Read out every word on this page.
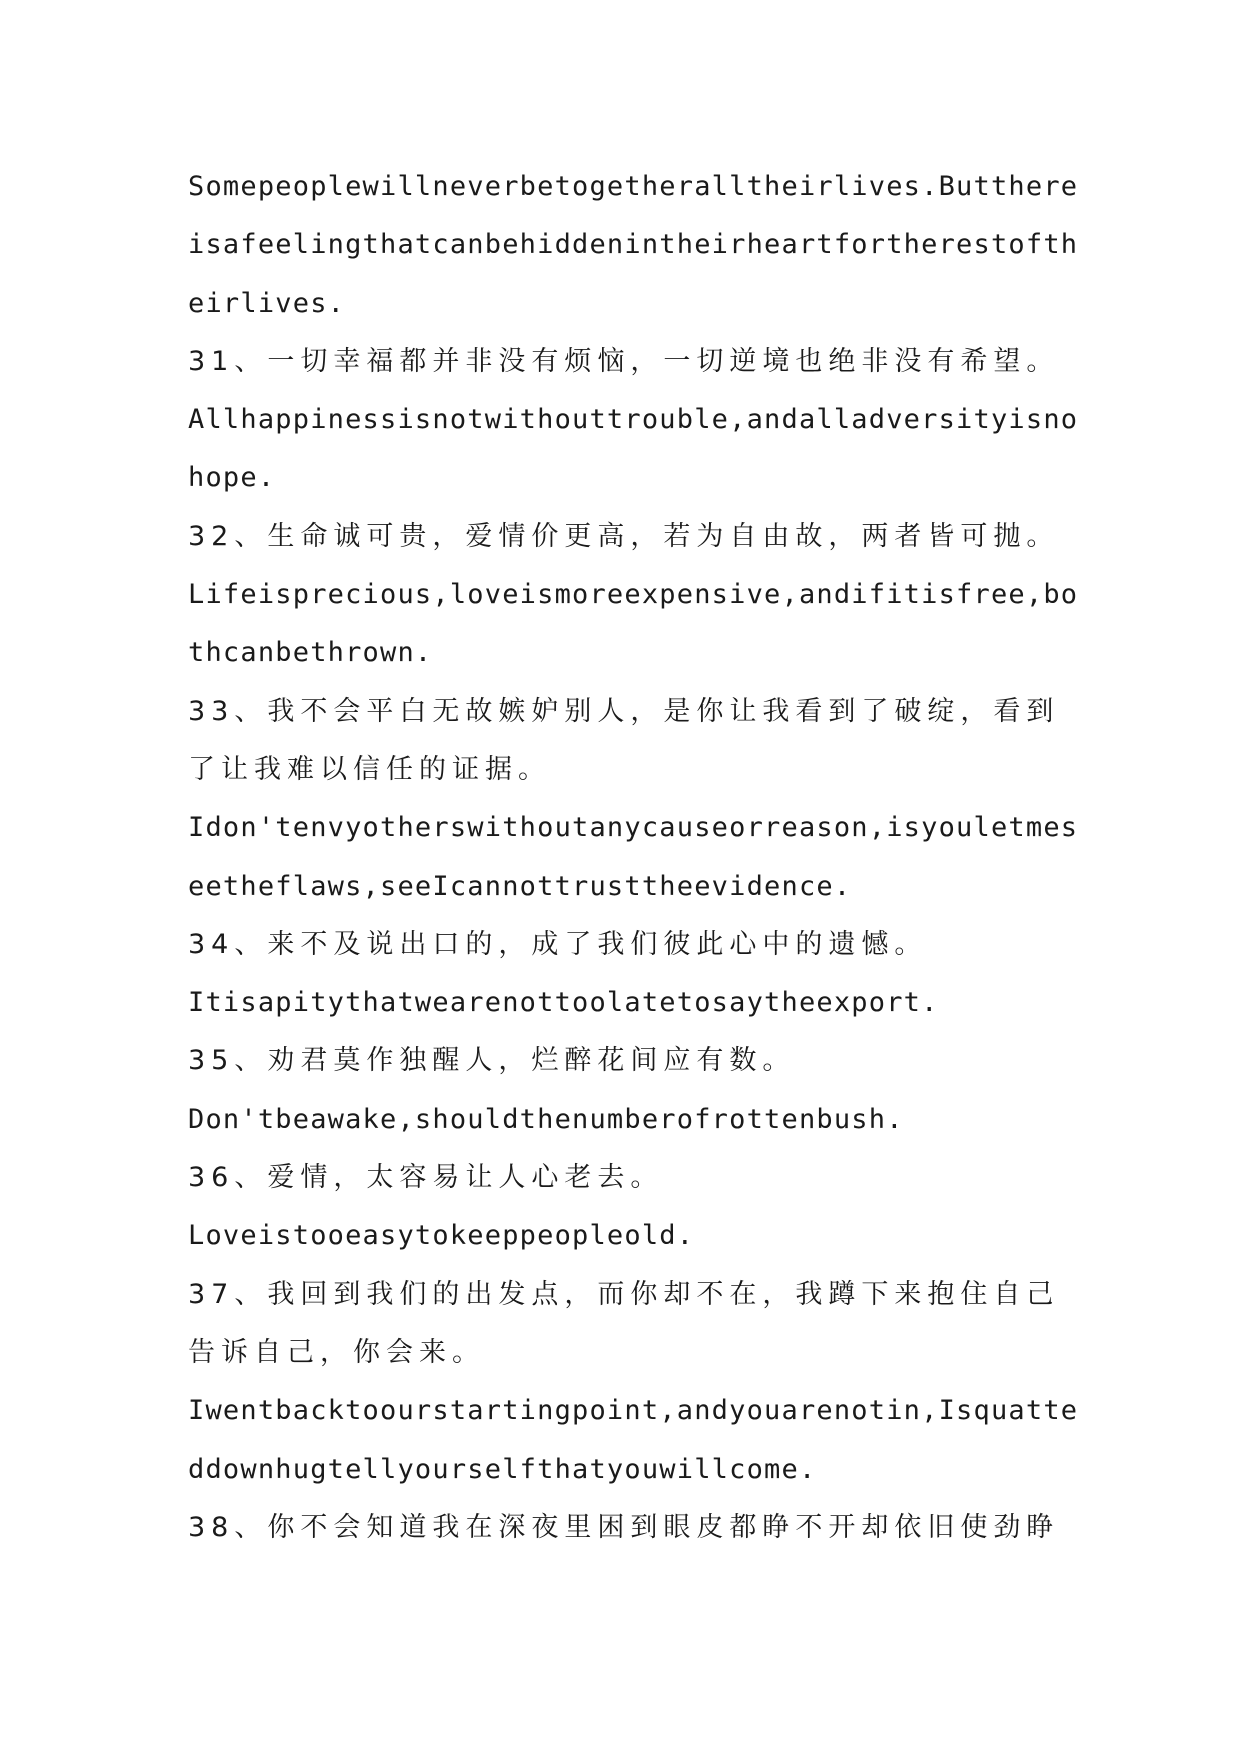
Somepeoplewillneverbetogetheralltheirlives.Butthere
isafeelingthatcanbehiddenintheirheartfortherestofth
eirlives.
31、一切幸福都并非没有烦恼，一切逆境也绝非没有希望。
Allhappinessisnotwithouttrouble,andalladversityisno
hope.
32、生命诚可贵，爱情价更高，若为自由故，两者皆可抛。
Lifeisprecious,loveismoreexpensive,andifitisfree,bo
thcanbethrown.
33、我不会平白无故嫉妒别人，是你让我看到了破绽，看到
了让我难以信任的证据。
Idon'tenvyotherswithoutanycauseorreason,isyouletmes
eetheflaws,seeIcannottrusttheevidence.
34、来不及说出口的，成了我们彼此心中的遗憾。
Itisapitythatwearenottoolatetosaytheexport.
35、劝君莫作独醒人，烂醉花间应有数。
Don'tbeawake,shouldthenumberofrottenbush.
36、爱情，太容易让人心老去。
Loveistooeasytokeeppeopleold.
37、我回到我们的出发点，而你却不在，我蹲下来抱住自己
告诉自己，你会来。
Iwentbacktoourstartingpoint,andyouarenotin,Isquatte
ddownhugtellyourselfthatyouwillcome.
38、你不会知道我在深夜里困到眼皮都睁不开却依旧使劲睁
